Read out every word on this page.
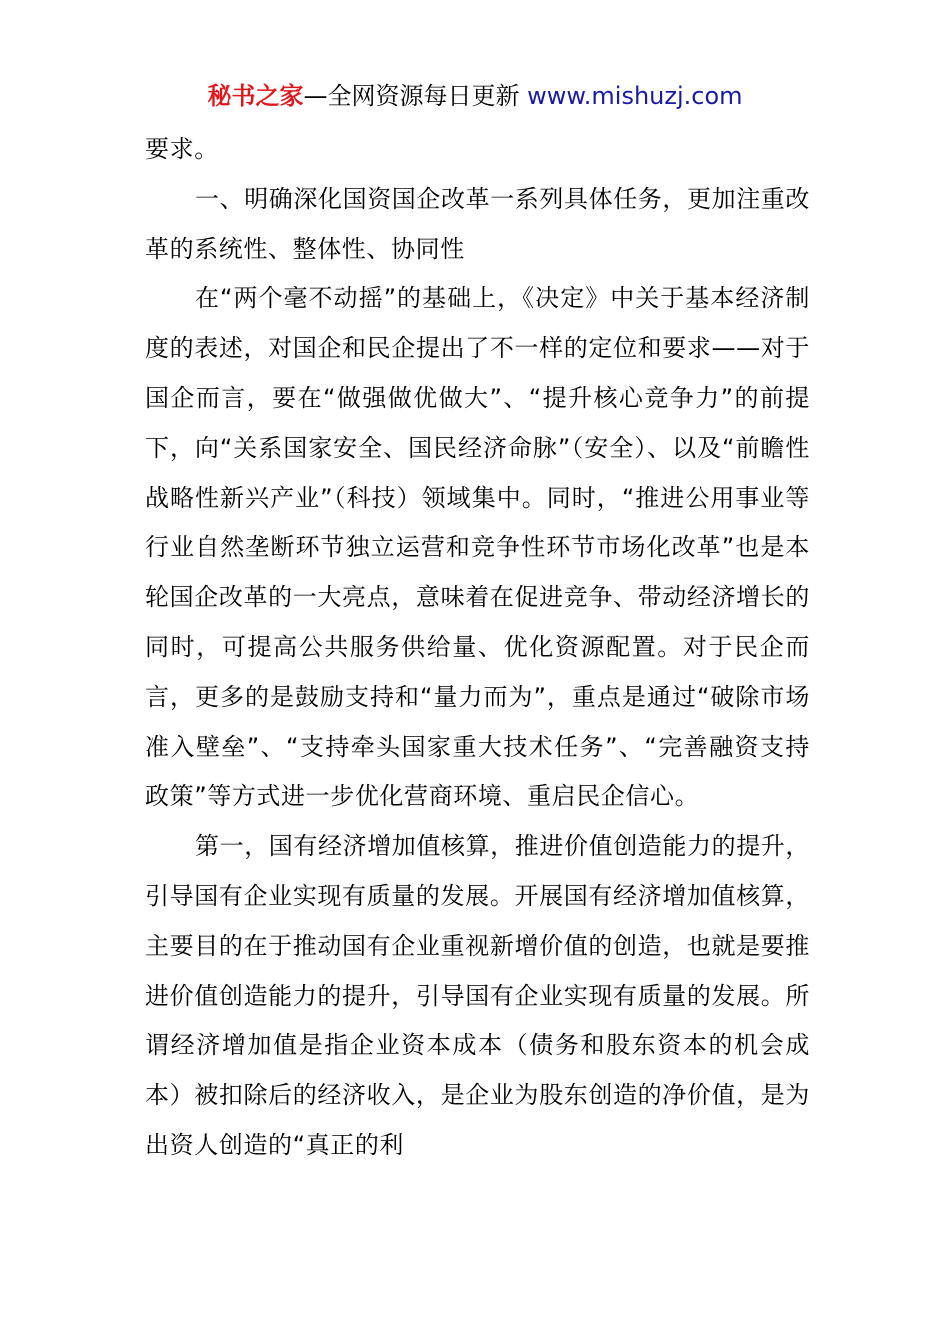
秘书之家—全网资源每日更新 www.mishuzj.com

要求。

一、明确深化国资国企改革一系列具体任务，更加注重改革的系统性、整体性、协同性

在“两个毫不动摇”的基础上，《决定》中关于基本经济制度的表述，对国企和民企提出了不一样的定位和要求——对于国企而言，要在“做强做优做大”、“提升核心竞争力”的前提下，向“关系国家安全、国民经济命脉”（安全）、以及“前瞻性战略性新兴产业”（科技）领域集中。同时，“推进公用事业等行业自然垄断环节独立运营和竞争性环节市场化改革”也是本轮国企改革的一大亮点，意味着在促进竞争、带动经济增长的同时，可提高公共服务供给量、优化资源配置。对于民企而言，更多的是鼓励支持和“量力而为”，重点是通过“破除市场准入壁垒”、“支持牵头国家重大技术任务”、“完善融资支持政策”等方式进一步优化营商环境、重启民企信心。

第一，国有经济增加值核算，推进价值创造能力的提升，引导国有企业实现有质量的发展。开展国有经济增加值核算，主要目的在于推动国有企业重视新增价值的创造，也就是要推进价值创造能力的提升，引导国有企业实现有质量的发展。所谓经济增加值是指企业资本成本（债务和股东资本的机会成本）被扣除后的经济收入，是企业为股东创造的净价值，是为出资人创造的“真正的利
